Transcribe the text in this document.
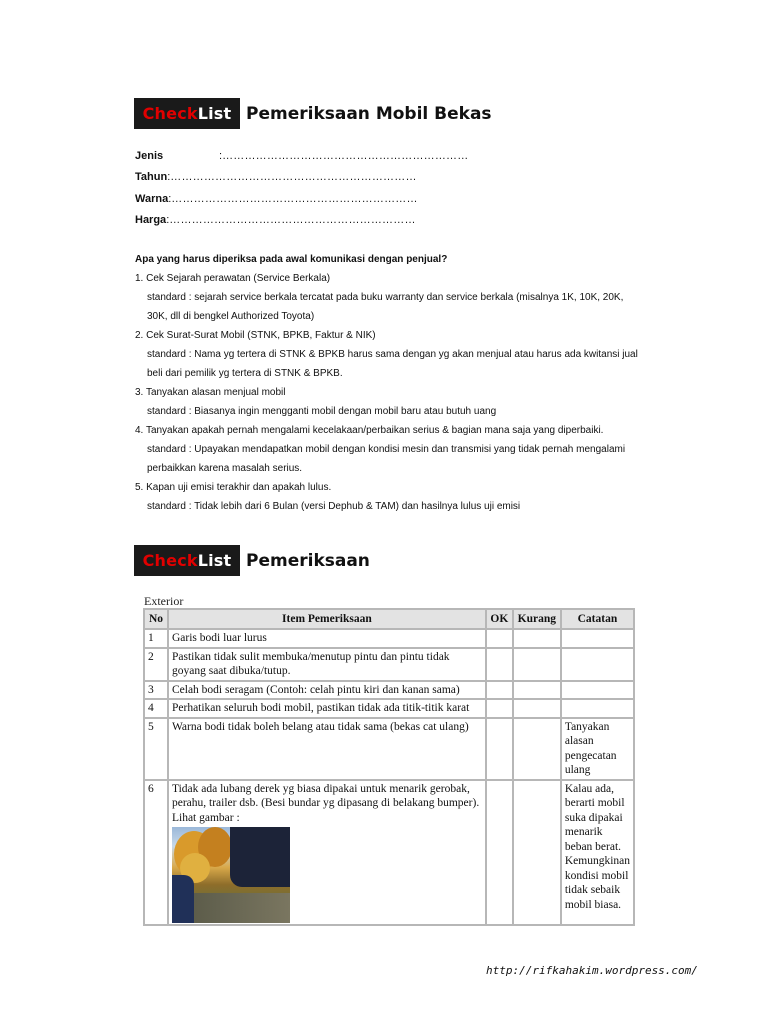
Check List Pemeriksaan Mobil Bekas
Jenis	: …………………………………………………………
Tahun : …………………………………………………………
Warna : …………………………………………………………
Harga : …………………………………………………………
Apa yang harus diperiksa pada awal komunikasi dengan penjual?
1. Cek Sejarah perawatan (Service Berkala)
standard : sejarah service berkala tercatat pada buku warranty dan service berkala (misalnya 1K, 10K, 20K,
30K, dll di bengkel Authorized Toyota)
2. Cek Surat-Surat Mobil (STNK, BPKB, Faktur & NIK)
standard : Nama yg tertera di STNK & BPKB harus sama dengan yg akan menjual atau harus ada kwitansi jual
beli dari pemilik yg tertera di STNK & BPKB.
3. Tanyakan alasan menjual mobil
standard : Biasanya ingin mengganti mobil dengan mobil baru atau butuh uang
4. Tanyakan apakah pernah mengalami kecelakaan/perbaikan serius & bagian mana saja yang diperbaiki.
standard : Upayakan mendapatkan mobil dengan kondisi mesin dan transmisi yang tidak pernah mengalami
perbaikkan karena masalah serius.
5. Kapan uji emisi terakhir dan apakah lulus.
standard : Tidak lebih dari 6 Bulan (versi Dephub & TAM) dan hasilnya lulus uji emisi
Check List Pemeriksaan
Exterior
No	Item Pemeriksaan	OK	Kurang	Catatan
1	Garis bodi luar lurus			
2	Pastikan tidak sulit membuka/menutup pintu dan pintu tidak goyang saat dibuka/tutup.			
3	Celah bodi seragam (Contoh: celah pintu kiri dan kanan sama)			
4	Perhatikan seluruh bodi mobil, pastikan tidak ada titik-titik karat			
5	Warna bodi tidak boleh belang atau tidak sama (bekas cat ulang)			Tanyakan alasan pengecatan ulang
6	Tidak ada lubang derek yg biasa dipakai untuk menarik gerobak, perahu, trailer dsb. (Besi bundar yg dipasang di belakang bumper). Lihat gambar :			Kalau ada, berarti mobil suka dipakai menarik beban berat. Kemungkinan kondisi mobil tidak sebaik mobil biasa.
http://rifkahakim.wordpress.com/
